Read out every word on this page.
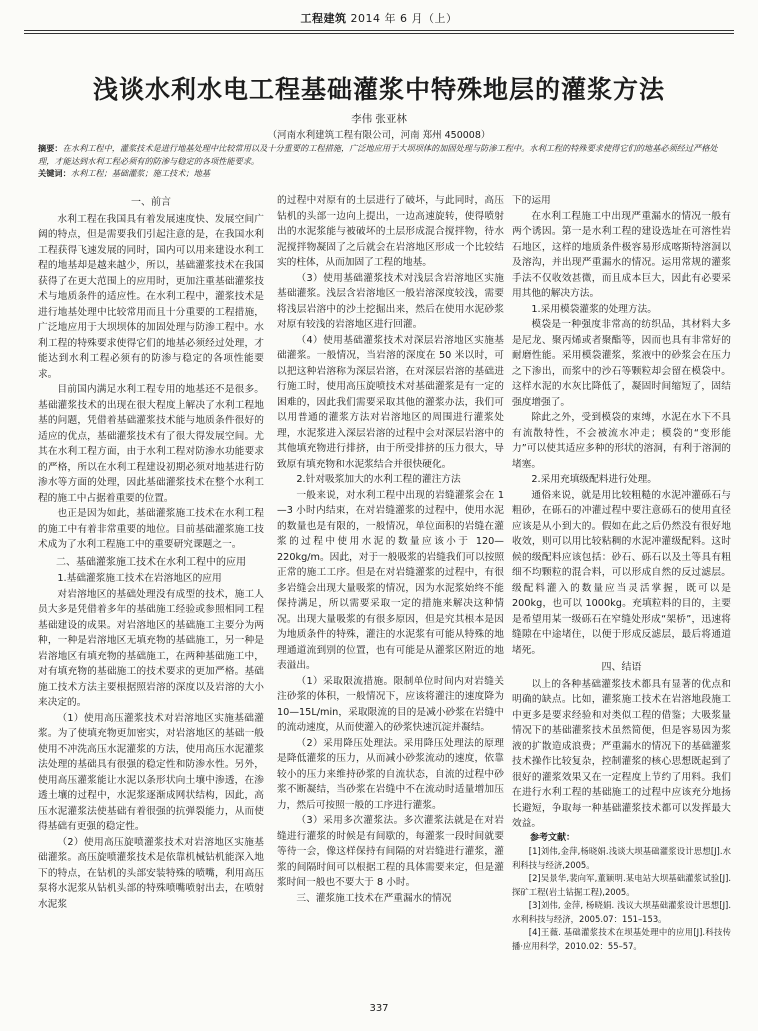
工程建筑 2014 年 6 月（上）
浅谈水利水电工程基础灌浆中特殊地层的灌浆方法
李伟 张亚林
（河南水利建筑工程有限公司，河南 郑州 450008）
摘要：在水利工程中，灌浆技术是进行地基处理中比较常用以及十分重要的工程措施，广泛地应用于大坝坝体的加固处理与防渗工程中。水利工程的特殊要求使得它们的地基必须经过严格处理，才能达到水利工程必须有的防渗与稳定的各项性能要求。
关键词：水利工程；基础灌浆；施工技术；地基
一、前言

水利工程在我国具有着发展速度快、发展空间广阔的特点，但是需要我们引起注意的是，在我国水利工程获得飞速发展的同时，国内可以用来建设水利工程的地基却是越来越少，所以，基础灌浆技术在我国获得了在更大范围上的应用时，更加注重基础灌浆技术与地质条件的适应性。在水利工程中，灌浆技术是进行地基处理中比较常用而且十分重要的工程措施，广泛地应用于大坝坝体的加固处理与防渗工程中。水利工程的特殊要求使得它们的地基必须经过处理，才能达到水利工程必须有的防渗与稳定的各项性能要求。

目前国内满足水利工程专用的地基还不是很多。基础灌浆技术的出现在很大程度上解决了水利工程地基的问题，凭借着基础灌浆技术能与地质条件很好的适应的优点，基础灌浆技术有了很大得发展空间。尤其在水利工程方面，由于水利工程对防渗水功能要求的严格，所以在水利工程建设初期必须对地基进行防渗水等方面的处理，因此基础灌浆技术在整个水利工程的施工中占据着重要的位置。

也正是因为如此，基础灌浆施工技术在水利工程的施工中有着非常重要的地位。目前基础灌浆施工技术成为了水利工程施工中的重要研究课题之一。

二、基础灌浆施工技术在水利工程中的应用

1.基础灌浆施工技术在岩溶地区的应用

对岩溶地区的基础处理没有成型的技术，施工人员大多是凭借着多年的基础施工经验或参照相同工程基础建设的成果。对岩溶地区的基础施工主要分为两种，一种是岩溶地区无填充物的基础施工，另一种是岩溶地区有填充物的基础施工，在两种基础施工中，对有填充物的基础施工的技术要求的更加严格。基础施工技术方法主要根据照岩溶的深度以及岩溶的大小来决定的。

（1）使用高压灌浆技术对岩溶地区实施基础灌浆。为了使填充物更加密实，对岩溶地区的基础一般使用不冲洗高压水泥灌浆的方法，使用高压水泥灌浆法处理的基础具有很强的稳定性和防渗水性。另外，使用高压灌浆能让水泥以条形状向土壤中渗透，在渗透土壤的过程中，水泥浆逐渐成网状结构，因此，高压水泥灌浆法使基础有着很强的抗弹裂能力，从而使得基础有更强的稳定性。

（2）使用高压旋喷灌浆技术对岩溶地区实施基础灌浆。高压旋喷灌浆技术是依靠机械钻机能深入地下的特点，在钻机的头部安装特殊的喷嘴，利用高压泵将水泥浆从钻机头部的特殊喷嘴喷射出去，在喷射水泥浆

的过程中对原有的土层进行了破坏，与此同时，高压钻机的头部一边向上提出，一边高速旋转，使得喷射出的水泥浆能与被破坏的土层形成混合搅拌物，待水泥搅拌物凝固了之后就会在岩溶地区形成一个比较结实的柱体，从而加固了工程的地基。

（3）使用基础灌浆技术对浅层含岩溶地区实施基础灌浆。浅层含岩溶地区一般岩溶深度较浅，需要将浅层岩溶中的沙土挖掘出来，然后在使用水泥砂浆对原有较浅的岩溶地区进行回灌。

（4）使用基础灌浆技术对深层岩溶地区实施基础灌浆。一般情况，当岩溶的深度在 50 米以时，可以把这种岩溶称为深层岩溶，在对深层岩溶的基础进行施工时，使用高压旋喷技术对基础灌浆是有一定的困难的，因此我们需要采取其他的灌浆办法，我们可以用普通的灌浆方法对岩溶地区的周围进行灌浆处理，水泥浆进入深层岩溶的过程中会对深层岩溶中的其他填充物进行排挤，由于所受排挤的压力很大，导致原有填充物和水泥浆结合并很快硬化。

2.针对吸浆加大的水利工程的灌注方法

一般来说，对水利工程中出现的岩缝灌浆会在 1—3 小时内结束，在对岩缝灌浆的过程中，使用水泥的数量也是有限的，一般情况，单位面积的岩缝在灌浆的过程中使用水泥的数量应该小于 120—220kg/m。因此，对于一般吸浆的岩缝我们可以按照正常的施工工序。但是在对岩缝灌浆的过程中，有很多岩缝会出现大量吸浆的情况，因为水泥浆始终不能保持满足，所以需要采取一定的措施来解决这种情况。出现大量吸浆的有很多原因，但是究其根本是因为地质条件的特殊，灌注的水泥浆有可能从特殊的地理通道流到别的位置，也有可能是从灌浆区附近的地表溢出。

（1）采取限流措施。限制单位时间内对岩缝关注砂浆的体积，一般情况下，应该将灌注的速度降为 10—15L/min，采取限流的目的是减小砂浆在岩缝中的流动速度，从而使灌入的砂浆快速沉淀并凝结。

（2）采用降压处理法。采用降压处理法的原理是降低灌浆的压力，从而减小砂浆流动的速度，依靠较小的压力来维持砂浆的自流状态，自流的过程中砂浆不断凝结，当砂浆在岩缝中不在流动时适量增加压力，然后可按照一般的工序进行灌浆。

（3）采用多次灌浆法。多次灌浆法就是在对岩缝进行灌浆的时候是有间歇的，每灌浆一段时间就要等待一会，像这样保持有间隔的对岩缝进行灌浆，灌浆的间隔时间可以根据工程的具体需要来定，但是灌浆时间一般也不要大于 8 小时。

三、灌浆施工技术在严重漏水的情况

下的运用

在水利工程施工中出现严重漏水的情况一般有两个诱因。第一是水利工程的建设选址在可溶性岩石地区，这样的地质条件极容易形成喀斯特溶洞以及溶沟，并出现严重漏水的情况。运用常规的灌浆手法不仅收效甚微，而且成本巨大，因此有必要采用其他的解决方法。

1.采用模袋灌浆的处理方法。

模袋是一种强度非常高的纺织品，其材料大多是尼龙、聚丙烯或者聚酯等，因而也具有非常好的耐磨性能。采用模袋灌浆，浆液中的砂浆会在压力之下渗出，而浆中的沙石等颗粒却会留在模袋中。这样水泥的水灰比降低了，凝固时间缩短了，固结强度增强了。

除此之外，受到模袋的束缚，水泥在水下不具有流散特性，不会被流水冲走；模袋的“变形能力”可以使其适应多种的形状的溶洞，有利于溶洞的堵塞。

2.采用充填级配料进行处理。

通俗来说，就是用比较粗糙的水泥冲灌砾石与粗砂，在砾石的冲灌过程中要注意砾石的使用直径应该是从小到大的。假如在此之后仍然没有很好地收效，则可以用比较粘稠的水泥冲灌级配料。这时候的级配料应该包括：砂石、砾石以及土等具有粗细不均颗粒的混合料，可以形成自然的反过滤层。级配料灌入的数量应当灵活掌握，既可以是 200kg，也可以 1000kg。充填粒料的目的，主要是希望用某一级砾石在窄缝处形成“架桥”，迅速将缝隙在中途堵住，以便于形成反滤层，最后将通道堵死。

四、结语

以上的各种基础灌浆技术都具有显著的优点和明确的缺点。比如，灌浆施工技术在岩溶地段施工中更多是要求经验和对类似工程的借鉴；大吸浆量情况下的基础灌浆技术虽然简便，但是容易因为浆液的扩散造成浪费；严重漏水的情况下的基础灌浆技术操作比较复杂，控制灌浆的核心思想既起到了很好的灌浆效果又在一定程度上节约了用料。我们在进行水利工程的基础施工的过程中应该充分地扬长避短，争取每一种基础灌浆技术都可以发挥最大效益。

参考文献：
[1]刘伟,金萍,杨晓娟.浅谈大坝基础灌浆设计思想[J].水利科技与经济,2005。
[2]吴景华,裴向军,董颖明.某电站大坝基础灌浆试验[J].探矿工程(岩土钻掘工程),2005。
[3]刘伟, 金萍, 杨晓娟. 浅议大坝基础灌浆设计思想[J].水利科技与经济，2005.07：151–153。
[4]王薇. 基础灌浆技术在坝基处理中的应用[J].科技传播·应用科学，2010.02：55–57。
337
